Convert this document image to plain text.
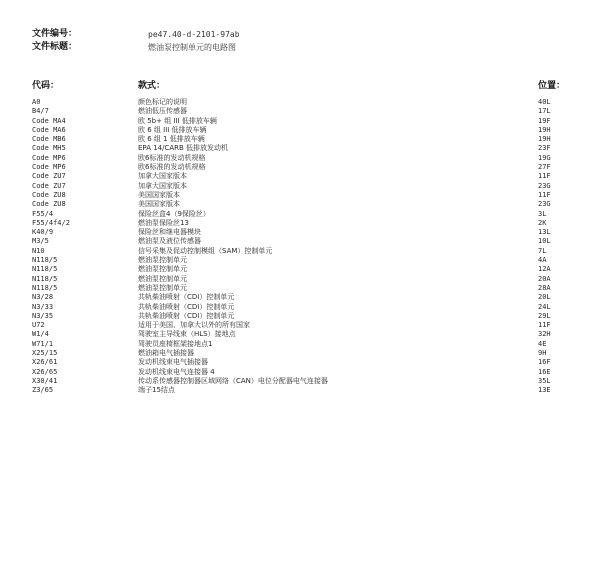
文件编号：	pe47.40-d-2101-97ab
文件标题：	燃油泵控制单元的电路图
代码：	款式：	位置：
A0	颜色标记的说明	40L
B4/7	燃油低压传感器	17L
Code MA4	欧 5b+ 组 III 低排放车辆	19F
Code MA6	欧 6 组 III 低排放车辆	19H
Code MB6	欧 6 组 1 低排放车辆	19H
Code MH5	EPA 14/CARB 低排放发动机	23F
Code MP6	欧6标准的发动机规格	19G
Code MP6	欧6标准的发动机规格	27F
Code ZU7	加拿大国家版本	11F
Code ZU7	加拿大国家版本	23G
Code ZU8	美国国家版本	11F
Code ZU8	美国国家版本	23G
F55/4	保险丝盒4（9保险丝）	3L
F55/4f4/2	燃油泵保险丝13	2K
K40/9	保险丝和继电器模块	13L
M3/5	燃油泵及液位传感器	10L
N10	信号采集及促动控制模组（SAM）控制单元	7L
N118/5	燃油泵控制单元	4A
N118/5	燃油泵控制单元	12A
N118/5	燃油泵控制单元	20A
N118/5	燃油泵控制单元	28A
N3/28	共轨柴油喷射（CDI）控制单元	20L
N3/33	共轨柴油喷射（CDI）控制单元	24L
N3/35	共轨柴油喷射（CDI）控制单元	29L
U72	适用于美国、加拿大以外的所有国家	11F
W1/4	驾驶室主导线束（HLS）接地点	32H
W71/1	驾驶员座椅框架接地点1	4E
X25/15	燃油箱电气插接器	9H
X26/61	发动机线束电气插接器	16F
X26/65	发动机线束电气连接器 4	16E
X30/41	传动系传感器控制器区域网络（CAN）电位分配器电气连接器	35L
Z3/65	端子15结点	13E
